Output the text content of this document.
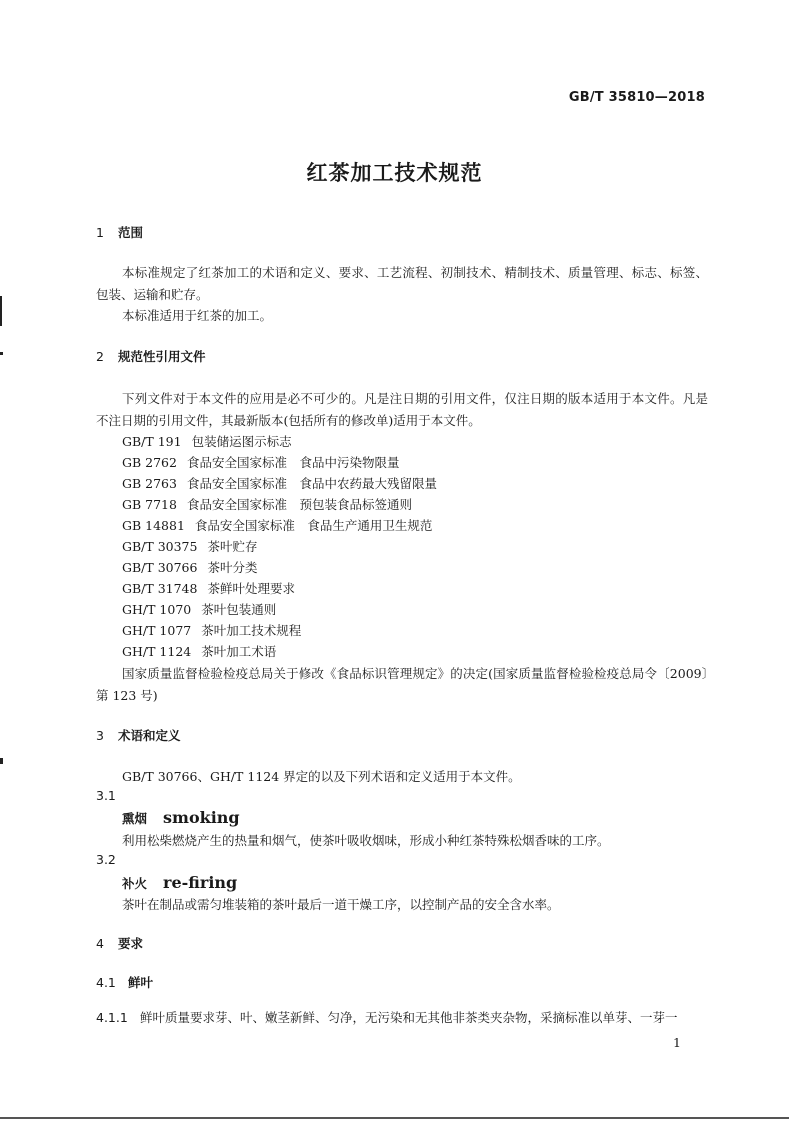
GB/T 35810—2018
红茶加工技术规范
1 范围
本标准规定了红茶加工的术语和定义、要求、工艺流程、初制技术、精制技术、质量管理、标志、标签、包装、运输和贮存。
本标准适用于红茶的加工。
2 规范性引用文件
下列文件对于本文件的应用是必不可少的。凡是注日期的引用文件，仅注日期的版本适用于本文件。凡是不注日期的引用文件，其最新版本(包括所有的修改单)适用于本文件。
GB/T 191 包装储运图示标志
GB 2762 食品安全国家标准　食品中污染物限量
GB 2763 食品安全国家标准　食品中农药最大残留限量
GB 7718 食品安全国家标准　预包装食品标签通则
GB 14881 食品安全国家标准　食品生产通用卫生规范
GB/T 30375 茶叶贮存
GB/T 30766 茶叶分类
GB/T 31748 茶鲜叶处理要求
GH/T 1070 茶叶包装通则
GH/T 1077 茶叶加工技术规程
GH/T 1124 茶叶加工术语
国家质量监督检验检疫总局关于修改《食品标识管理规定》的决定(国家质量监督检验检疫总局令〔2009〕第 123 号)
3 术语和定义
GB/T 30766、GH/T 1124 界定的以及下列术语和定义适用于本文件。
3.1
熏烟 smoking
利用松柴燃烧产生的热量和烟气，使茶叶吸收烟味，形成小种红茶特殊松烟香味的工序。
3.2
补火 re-firing
茶叶在制品或需匀堆装箱的茶叶最后一道干燥工序，以控制产品的安全含水率。
4 要求
4.1 鲜叶
4.1.1 鲜叶质量要求芽、叶、嫩茎新鲜、匀净，无污染和无其他非茶类夹杂物，采摘标准以单芽、一芽一
1
